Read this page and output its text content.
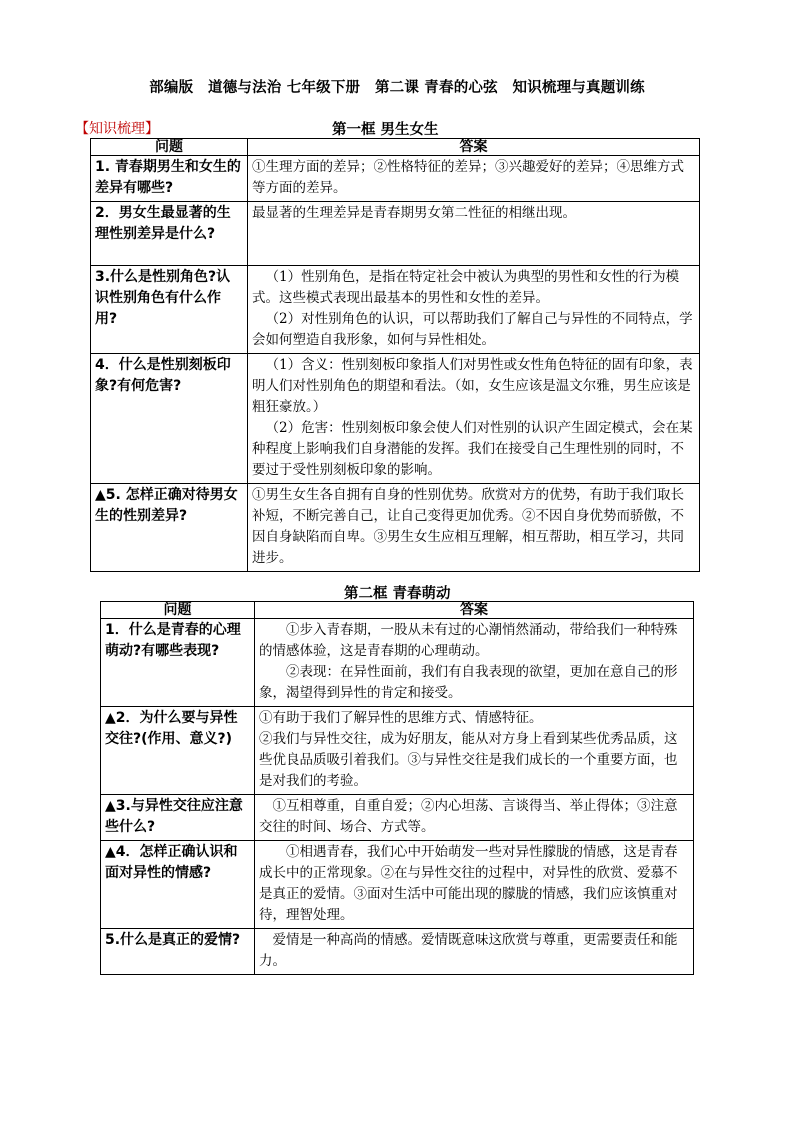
部编版　道德与法治 七年级下册　第二课 青春的心弦　知识梳理与真题训练
【知识梳理】	第一框 男生女生
问题	答案
1. 青春期男生和女生的差异有哪些?	①生理方面的差异；②性格特征的差异；③兴趣爱好的差异；④思维方式等方面的差异。

2．男女生最显著的生理性别差异是什么?	最显著的生理差异是青春期男女第二性征的相继出现。

3.什么是性别角色?认识性别角色有什么作用?	（1）性别角色，是指在特定社会中被认为典型的男性和女性的行为模式。这些模式表现出最基本的男性和女性的差异。
（2）对性别角色的认识，可以帮助我们了解自己与异性的不同特点，学会如何塑造自我形象，如何与异性相处。

4．什么是性别刻板印象?有何危害?	（1）含义：性别刻板印象指人们对男性或女性角色特征的固有印象，表明人们对性别角色的期望和看法。（如，女生应该是温文尔雅，男生应该是粗狂豪放。）
（2）危害：性别刻板印象会使人们对性别的认识产生固定模式，会在某种程度上影响我们自身潜能的发挥。我们在接受自己生理性别的同时，不要过于受性别刻板印象的影响。

▲5. 怎样正确对待男女生的性别差异?	①男生女生各自拥有自身的性别优势。欣赏对方的优势，有助于我们取长补短，不断完善自己，让自己变得更加优秀。②不因自身优势而骄傲，不因自身缺陷而自卑。③男生女生应相互理解，相互帮助，相互学习，共同进步。
第二框 青春萌动
问题	答案
1．什么是青春的心理萌动?有哪些表现?	①步入青春期，一股从未有过的心潮悄然涌动，带给我们一种特殊的情感体验，这是青春期的心理萌动。
②表现：在异性面前，我们有自我表现的欲望，更加在意自己的形象，渴望得到异性的肯定和接受。

▲2．为什么要与异性交往?(作用、意义?)	①有助于我们了解异性的思维方式、情感特征。
②我们与异性交往，成为好朋友，能从对方身上看到某些优秀品质，这些优良品质吸引着我们。③与异性交往是我们成长的一个重要方面，也是对我们的考验。

▲3.与异性交往应注意些什么?	①互相尊重，自重自爱；②内心坦荡、言谈得当、举止得体；③注意交往的时间、场合、方式等。

▲4．怎样正确认识和面对异性的情感?	①相遇青春，我们心中开始萌发一些对异性朦胧的情感，这是青春成长中的正常现象。②在与异性交往的过程中，对异性的欣赏、爱慕不是真正的爱情。③面对生活中可能出现的朦胧的情感，我们应该慎重对待，理智处理。

5.什么是真正的爱情?	爱情是一种高尚的情感。爱情既意味这欣赏与尊重，更需要责任和能力。
